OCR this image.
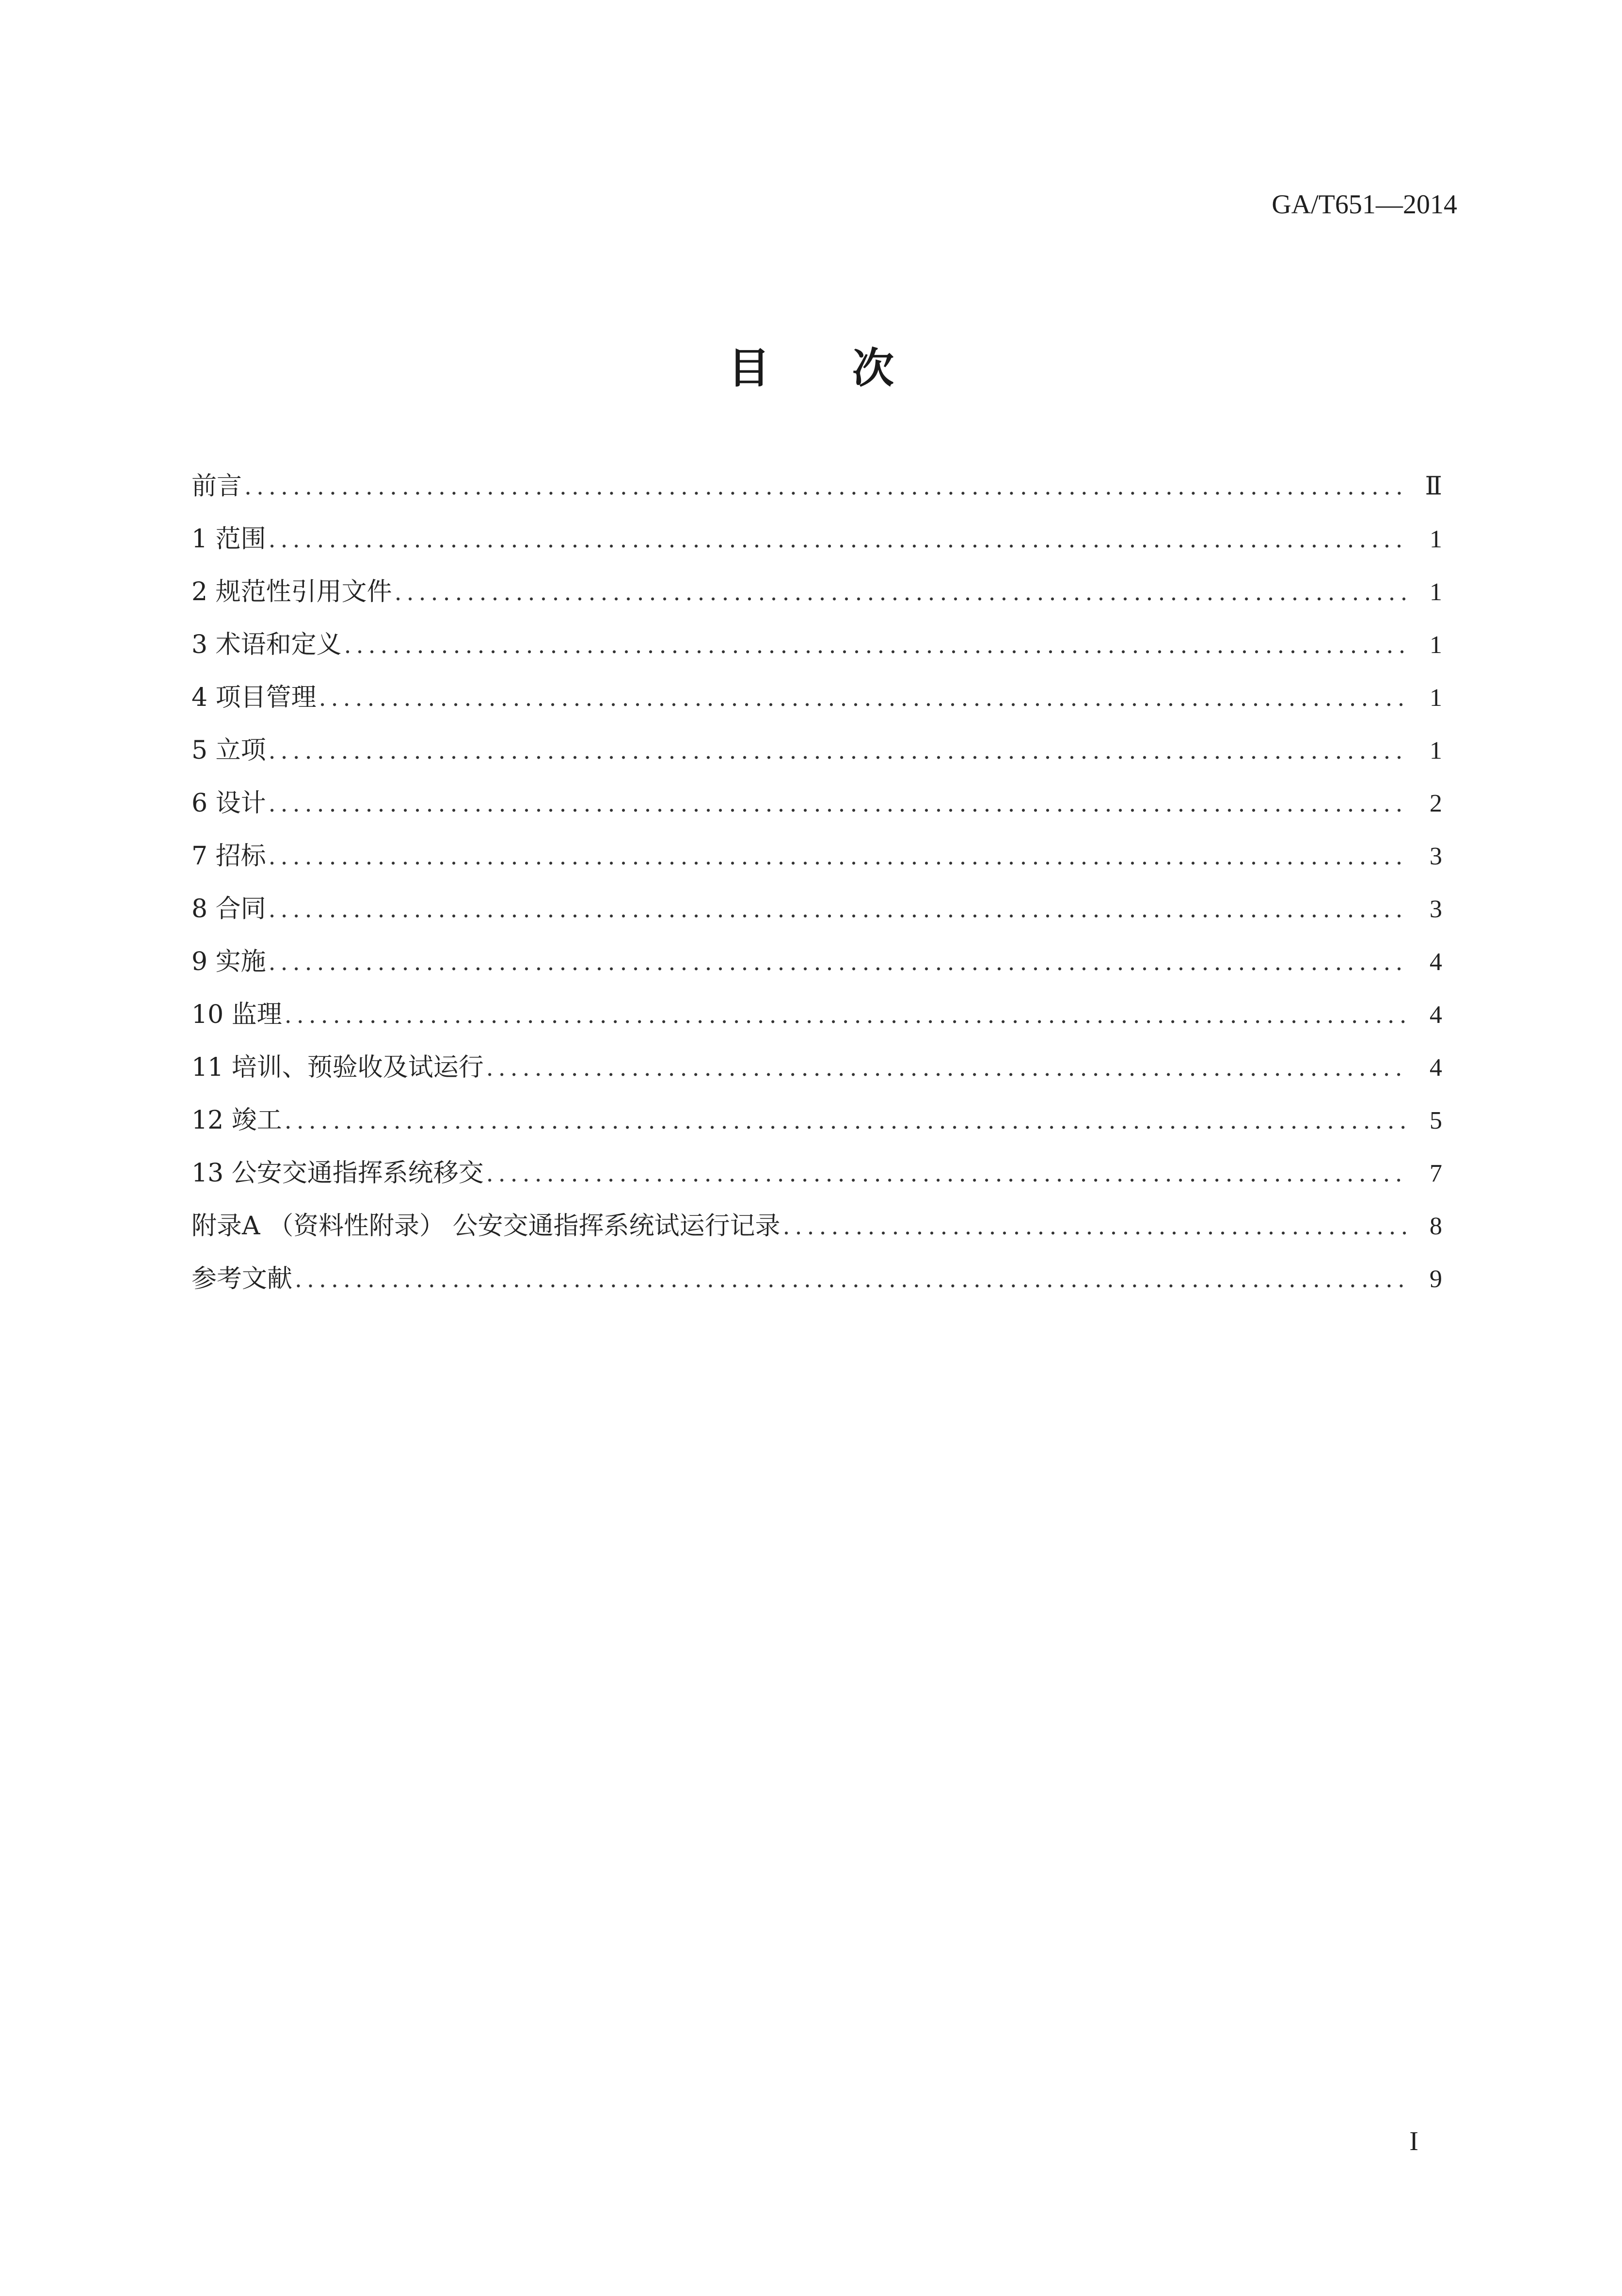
GA/T651—2014
目 次
前言 .....	Ⅱ
1 范围 .....	1
2 规范性引用文件 .....	1
3 术语和定义 .....	1
4 项目管理 .....	1
5 立项 .....	1
6 设计 .....	2
7 招标 .....	3
8 合同 .....	3
9 实施 .....	4
10 监理 .....	4
11 培训、预验收及试运行 .....	4
12 竣工 .....	5
13 公安交通指挥系统移交 .....	7
附录A （资料性附录） 公安交通指挥系统试运行记录 .....	8
参考文献 .....	9
I
